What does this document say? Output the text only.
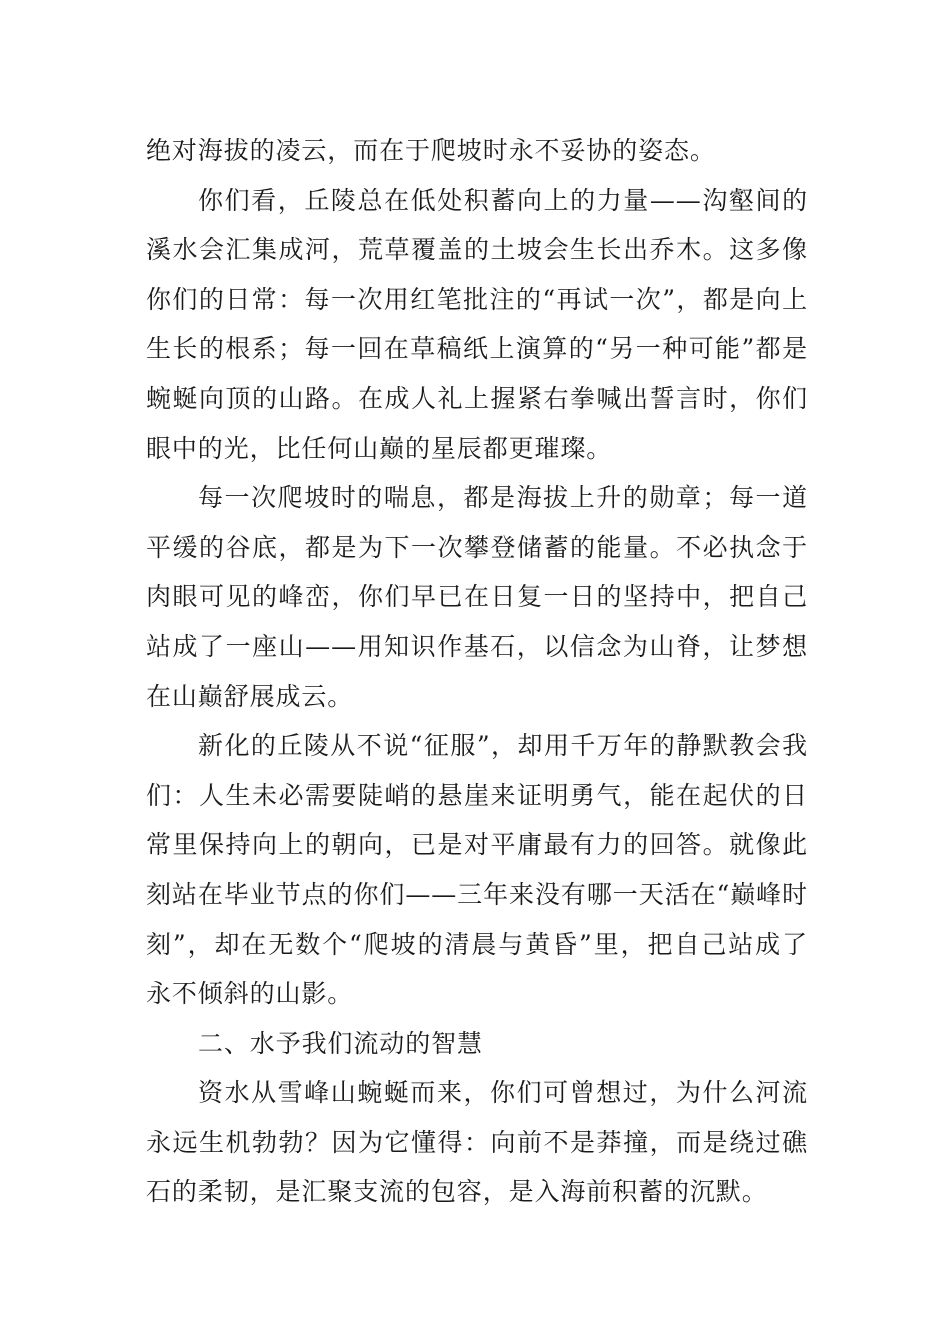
绝对海拔的凌云，而在于爬坡时永不妥协的姿态。

你们看，丘陵总在低处积蓄向上的力量——沟壑间的溪水会汇集成河，荒草覆盖的土坡会生长出乔木。这多像你们的日常：每一次用红笔批注的“再试一次”，都是向上生长的根系；每一回在草稿纸上演算的“另一种可能”都是蜿蜒向顶的山路。在成人礼上握紧右拳喊出誓言时，你们眼中的光，比任何山巅的星辰都更璀璨。

每一次爬坡时的喘息，都是海拔上升的勋章；每一道平缓的谷底，都是为下一次攀登储蓄的能量。不必执念于肉眼可见的峰峦，你们早已在日复一日的坚持中，把自己站成了一座山——用知识作基石，以信念为山脊，让梦想在山巅舒展成云。

新化的丘陵从不说“征服”，却用千万年的静默教会我们：人生未必需要陡峭的悬崖来证明勇气，能在起伏的日常里保持向上的朝向，已是对平庸最有力的回答。就像此刻站在毕业节点的你们——三年来没有哪一天活在“巅峰时刻”，却在无数个“爬坡的清晨与黄昏”里，把自己站成了永不倾斜的山影。

二、水予我们流动的智慧

资水从雪峰山蜿蜒而来，你们可曾想过，为什么河流永远生机勃勃？因为它懂得：向前不是莽撞，而是绕过礁石的柔韧，是汇聚支流的包容，是入海前积蓄的沉默。
